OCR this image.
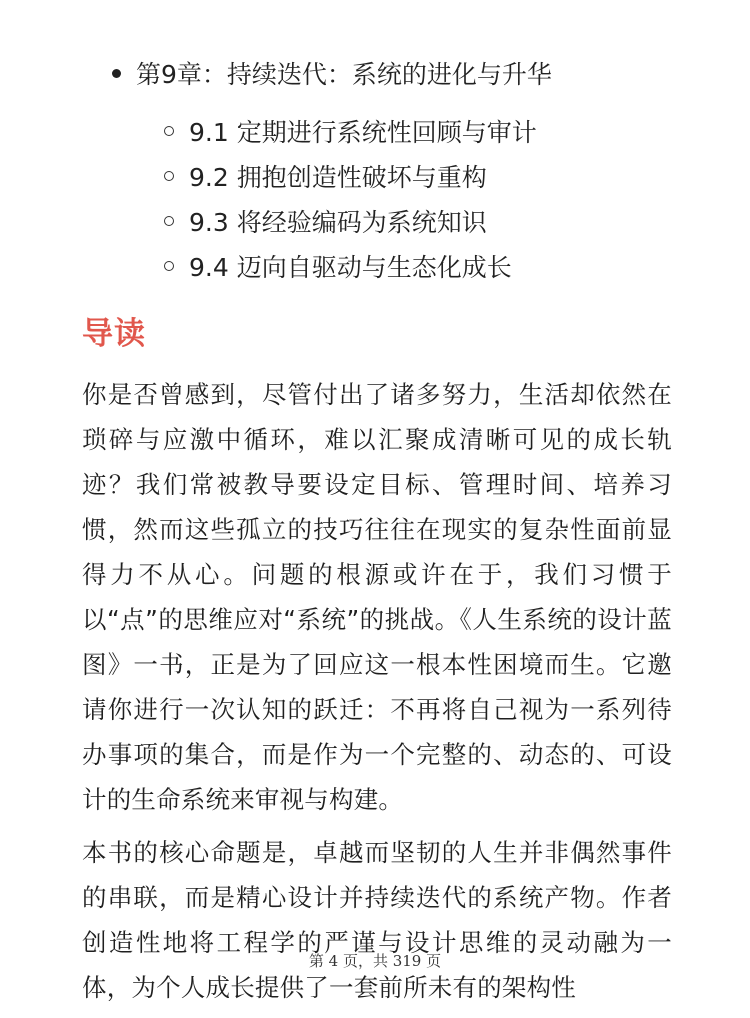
第9章：持续迭代：系统的进化与升华
9.1 定期进行系统性回顾与审计
9.2 拥抱创造性破坏与重构
9.3 将经验编码为系统知识
9.4 迈向自驱动与生态化成长
导读

你是否曾感到，尽管付出了诸多努力，生活却依然在琐碎与应激中循环，难以汇聚成清晰可见的成长轨迹？我们常被教导要设定目标、管理时间、培养习惯，然而这些孤立的技巧往往在现实的复杂性面前显得力不从心。问题的根源或许在于，我们习惯于以“点”的思维应对“系统”的挑战。《人生系统的设计蓝图》一书，正是为了回应这一根本性困境而生。它邀请你进行一次认知的跃迁：不再将自己视为一系列待办事项的集合，而是作为一个完整的、动态的、可设计的生命系统来审视与构建。

本书的核心命题是，卓越而坚韧的人生并非偶然事件的串联，而是精心设计并持续迭代的系统产物。作者创造性地将工程学的严谨与设计思维的灵动融为一体，为个人成长提供了一套前所未有的架构性

第 4 页，共 319 页
